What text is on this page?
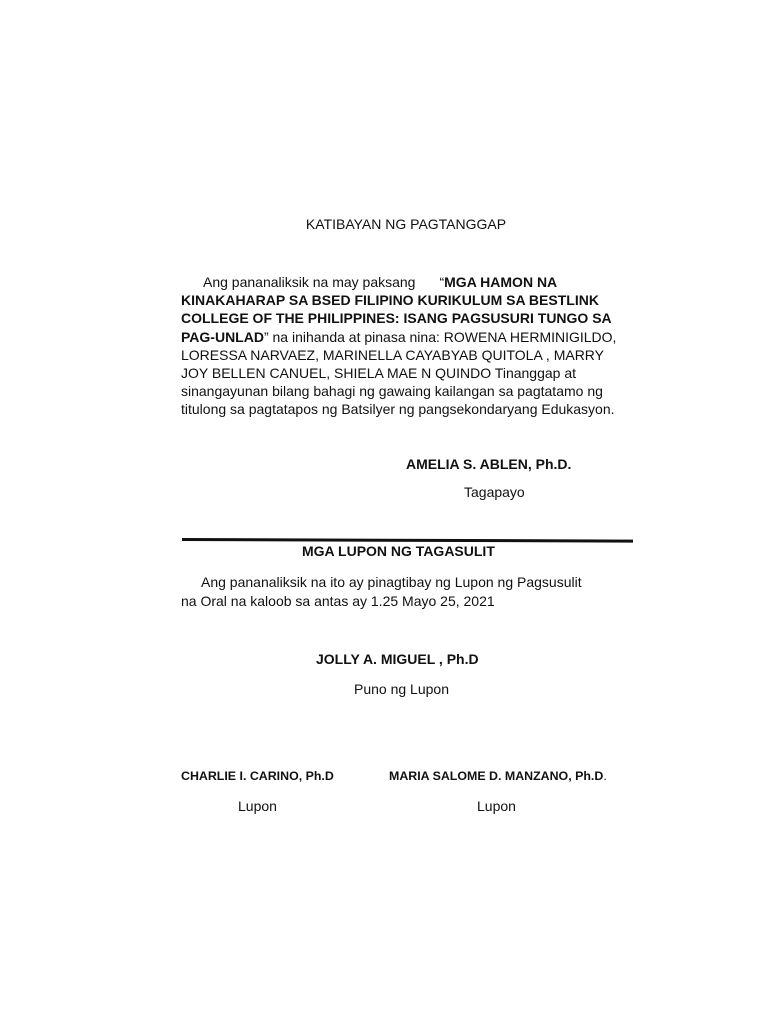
KATIBAYAN NG PAGTANGGAP
Ang pananaliksik na may paksang “MGA HAMON NA
KINAKAHARAP SA BSED FILIPINO KURIKULUM SA BESTLINK
COLLEGE OF THE PHILIPPINES: ISANG PAGSUSURI TUNGO SA
PAG-UNLAD” na inihanda at pinasa nina: ROWENA HERMINIGILDO,
LORESSA NARVAEZ, MARINELLA CAYABYAB QUITOLA , MARRY
JOY BELLEN CANUEL, SHIELA MAE N QUINDO Tinanggap at
sinangayunan bilang bahagi ng gawaing kailangan sa pagtatamo ng
titulong sa pagtatapos ng Batsilyer ng pangsekondaryang Edukasyon.
AMELIA S. ABLEN, Ph.D.
Tagapayo
MGA LUPON NG TAGASULIT
Ang pananaliksik na ito ay pinagtibay ng Lupon ng Pagsusulit
na Oral na kaloob sa antas ay 1.25 Mayo 25, 2021
JOLLY A. MIGUEL , Ph.D
Puno ng Lupon
CHARLIE I. CARINO, Ph.D
Lupon
MARIA SALOME D. MANZANO, Ph.D.
Lupon
